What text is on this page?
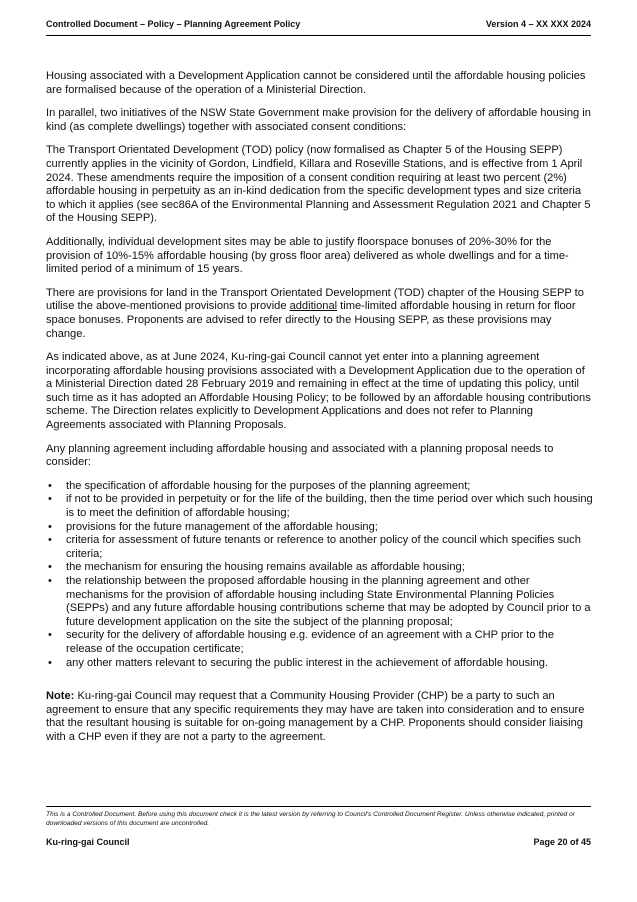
Controlled Document – Policy – Planning Agreement Policy	Version 4 – XX XXX 2024

Housing associated with a Development Application cannot be considered until the affordable housing policies are formalised because of the operation of a Ministerial Direction.

In parallel, two initiatives of the NSW State Government make provision for the delivery of affordable housing in kind (as complete dwellings) together with associated consent conditions:

The Transport Orientated Development (TOD) policy (now formalised as Chapter 5 of the Housing SEPP) currently applies in the vicinity of Gordon, Lindfield, Killara and Roseville Stations, and is effective from 1 April 2024. These amendments require the imposition of a consent condition requiring at least two percent (2%) affordable housing in perpetuity as an in-kind dedication from the specific development types and size criteria to which it applies (see sec86A of the Environmental Planning and Assessment Regulation 2021 and Chapter 5 of the Housing SEPP).

Additionally, individual development sites may be able to justify floorspace bonuses of 20%-30% for the provision of 10%-15% affordable housing (by gross floor area) delivered as whole dwellings and for a time-limited period of a minimum of 15 years.

There are provisions for land in the Transport Orientated Development (TOD) chapter of the Housing SEPP to utilise the above-mentioned provisions to provide additional time-limited affordable housing in return for floor space bonuses. Proponents are advised to refer directly to the Housing SEPP, as these provisions may change.

As indicated above, as at June 2024, Ku-ring-gai Council cannot yet enter into a planning agreement incorporating affordable housing provisions associated with a Development Application due to the operation of a Ministerial Direction dated 28 February 2019 and remaining in effect at the time of updating this policy, until such time as it has adopted an Affordable Housing Policy; to be followed by an affordable housing contributions scheme. The Direction relates explicitly to Development Applications and does not refer to Planning Agreements associated with Planning Proposals.

Any planning agreement including affordable housing and associated with a planning proposal needs to consider:

• the specification of affordable housing for the purposes of the planning agreement;
• if not to be provided in perpetuity or for the life of the building, then the time period over which such housing is to meet the definition of affordable housing;
• provisions for the future management of the affordable housing;
• criteria for assessment of future tenants or reference to another policy of the council which specifies such criteria;
• the mechanism for ensuring the housing remains available as affordable housing;
• the relationship between the proposed affordable housing in the planning agreement and other mechanisms for the provision of affordable housing including State Environmental Planning Policies (SEPPs) and any future affordable housing contributions scheme that may be adopted by Council prior to a future development application on the site the subject of the planning proposal;
• security for the delivery of affordable housing e.g. evidence of an agreement with a CHP prior to the release of the occupation certificate;
• any other matters relevant to securing the public interest in the achievement of affordable housing.

Note: Ku-ring-gai Council may request that a Community Housing Provider (CHP) be a party to such an agreement to ensure that any specific requirements they may have are taken into consideration and to ensure that the resultant housing is suitable for on-going management by a CHP. Proponents should consider liaising with a CHP even if they are not a party to the agreement.

This is a Controlled Document. Before using this document check it is the latest version by referring to Council’s Controlled Document Register. Unless otherwise indicated, printed or downloaded versions of this document are uncontrolled.
Ku-ring-gai Council	Page 20 of 45
